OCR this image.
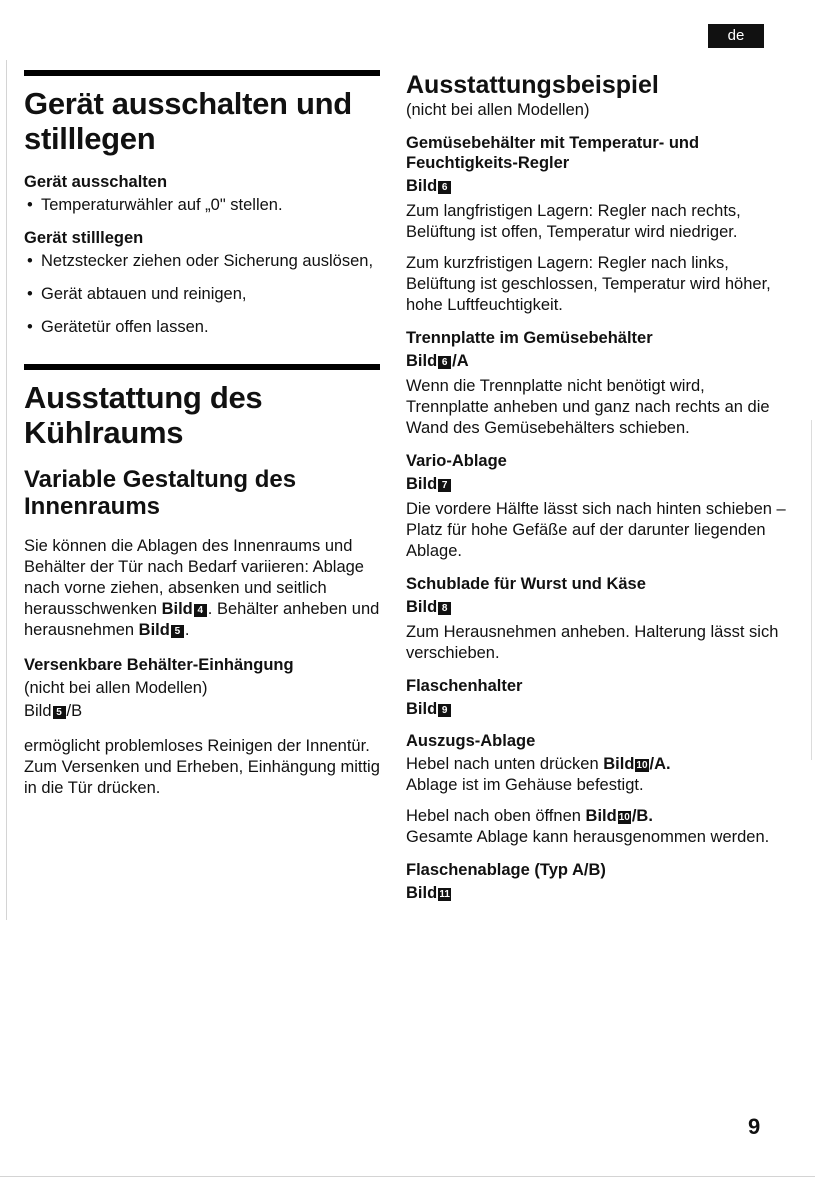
de
Gerät ausschalten und stilllegen
Gerät ausschalten
• Temperaturwähler auf „0" stellen.
Gerät stilllegen
• Netzstecker ziehen oder Sicherung auslösen,
• Gerät abtauen und reinigen,
• Gerätetür offen lassen.
Ausstattung des Kühlraums
Variable Gestaltung des Innenraums

Sie können die Ablagen des Innenraums und Behälter der Tür nach Bedarf variieren: Ablage nach vorne ziehen, absenken und seitlich herausschwenken Bild 4 . Behälter anheben und herausnehmen Bild 5 .

Versenkbare Behälter-Einhängung

(nicht bei allen Modellen)

Bild 5 /B

ermöglicht problemloses Reinigen der Innentür. Zum Versenken und Erheben, Einhängung mittig in die Tür drücken.

Ausstattungsbeispiel

(nicht bei allen Modellen)

Gemüsebehälter mit Temperatur- und Feuchtigkeits-Regler
Bild 6

Zum langfristigen Lagern: Regler nach rechts, Belüftung ist offen, Temperatur wird niedriger.

Zum kurzfristigen Lagern: Regler nach links, Belüftung ist geschlossen, Temperatur wird höher, hohe Luftfeuchtigkeit.

Trennplatte im Gemüsebehälter
Bild 6 /A

Wenn die Trennplatte nicht benötigt wird, Trennplatte anheben und ganz nach rechts an die Wand des Gemüsebehälters schieben.

Vario-Ablage
Bild 7

Die vordere Hälfte lässt sich nach hinten schieben – Platz für hohe Gefäße auf der darunter liegenden Ablage.

Schublade für Wurst und Käse
Bild 8

Zum Herausnehmen anheben. Halterung lässt sich verschieben.

Flaschenhalter
Bild 9
Auszugs-Ablage

Hebel nach unten drücken Bild 10 /A.

Ablage ist im Gehäuse befestigt.

Hebel nach oben öffnen Bild 10 /B.

Gesamte Ablage kann herausgenommen werden.

Flaschenablage (Typ A/B)
Bild 11
9
